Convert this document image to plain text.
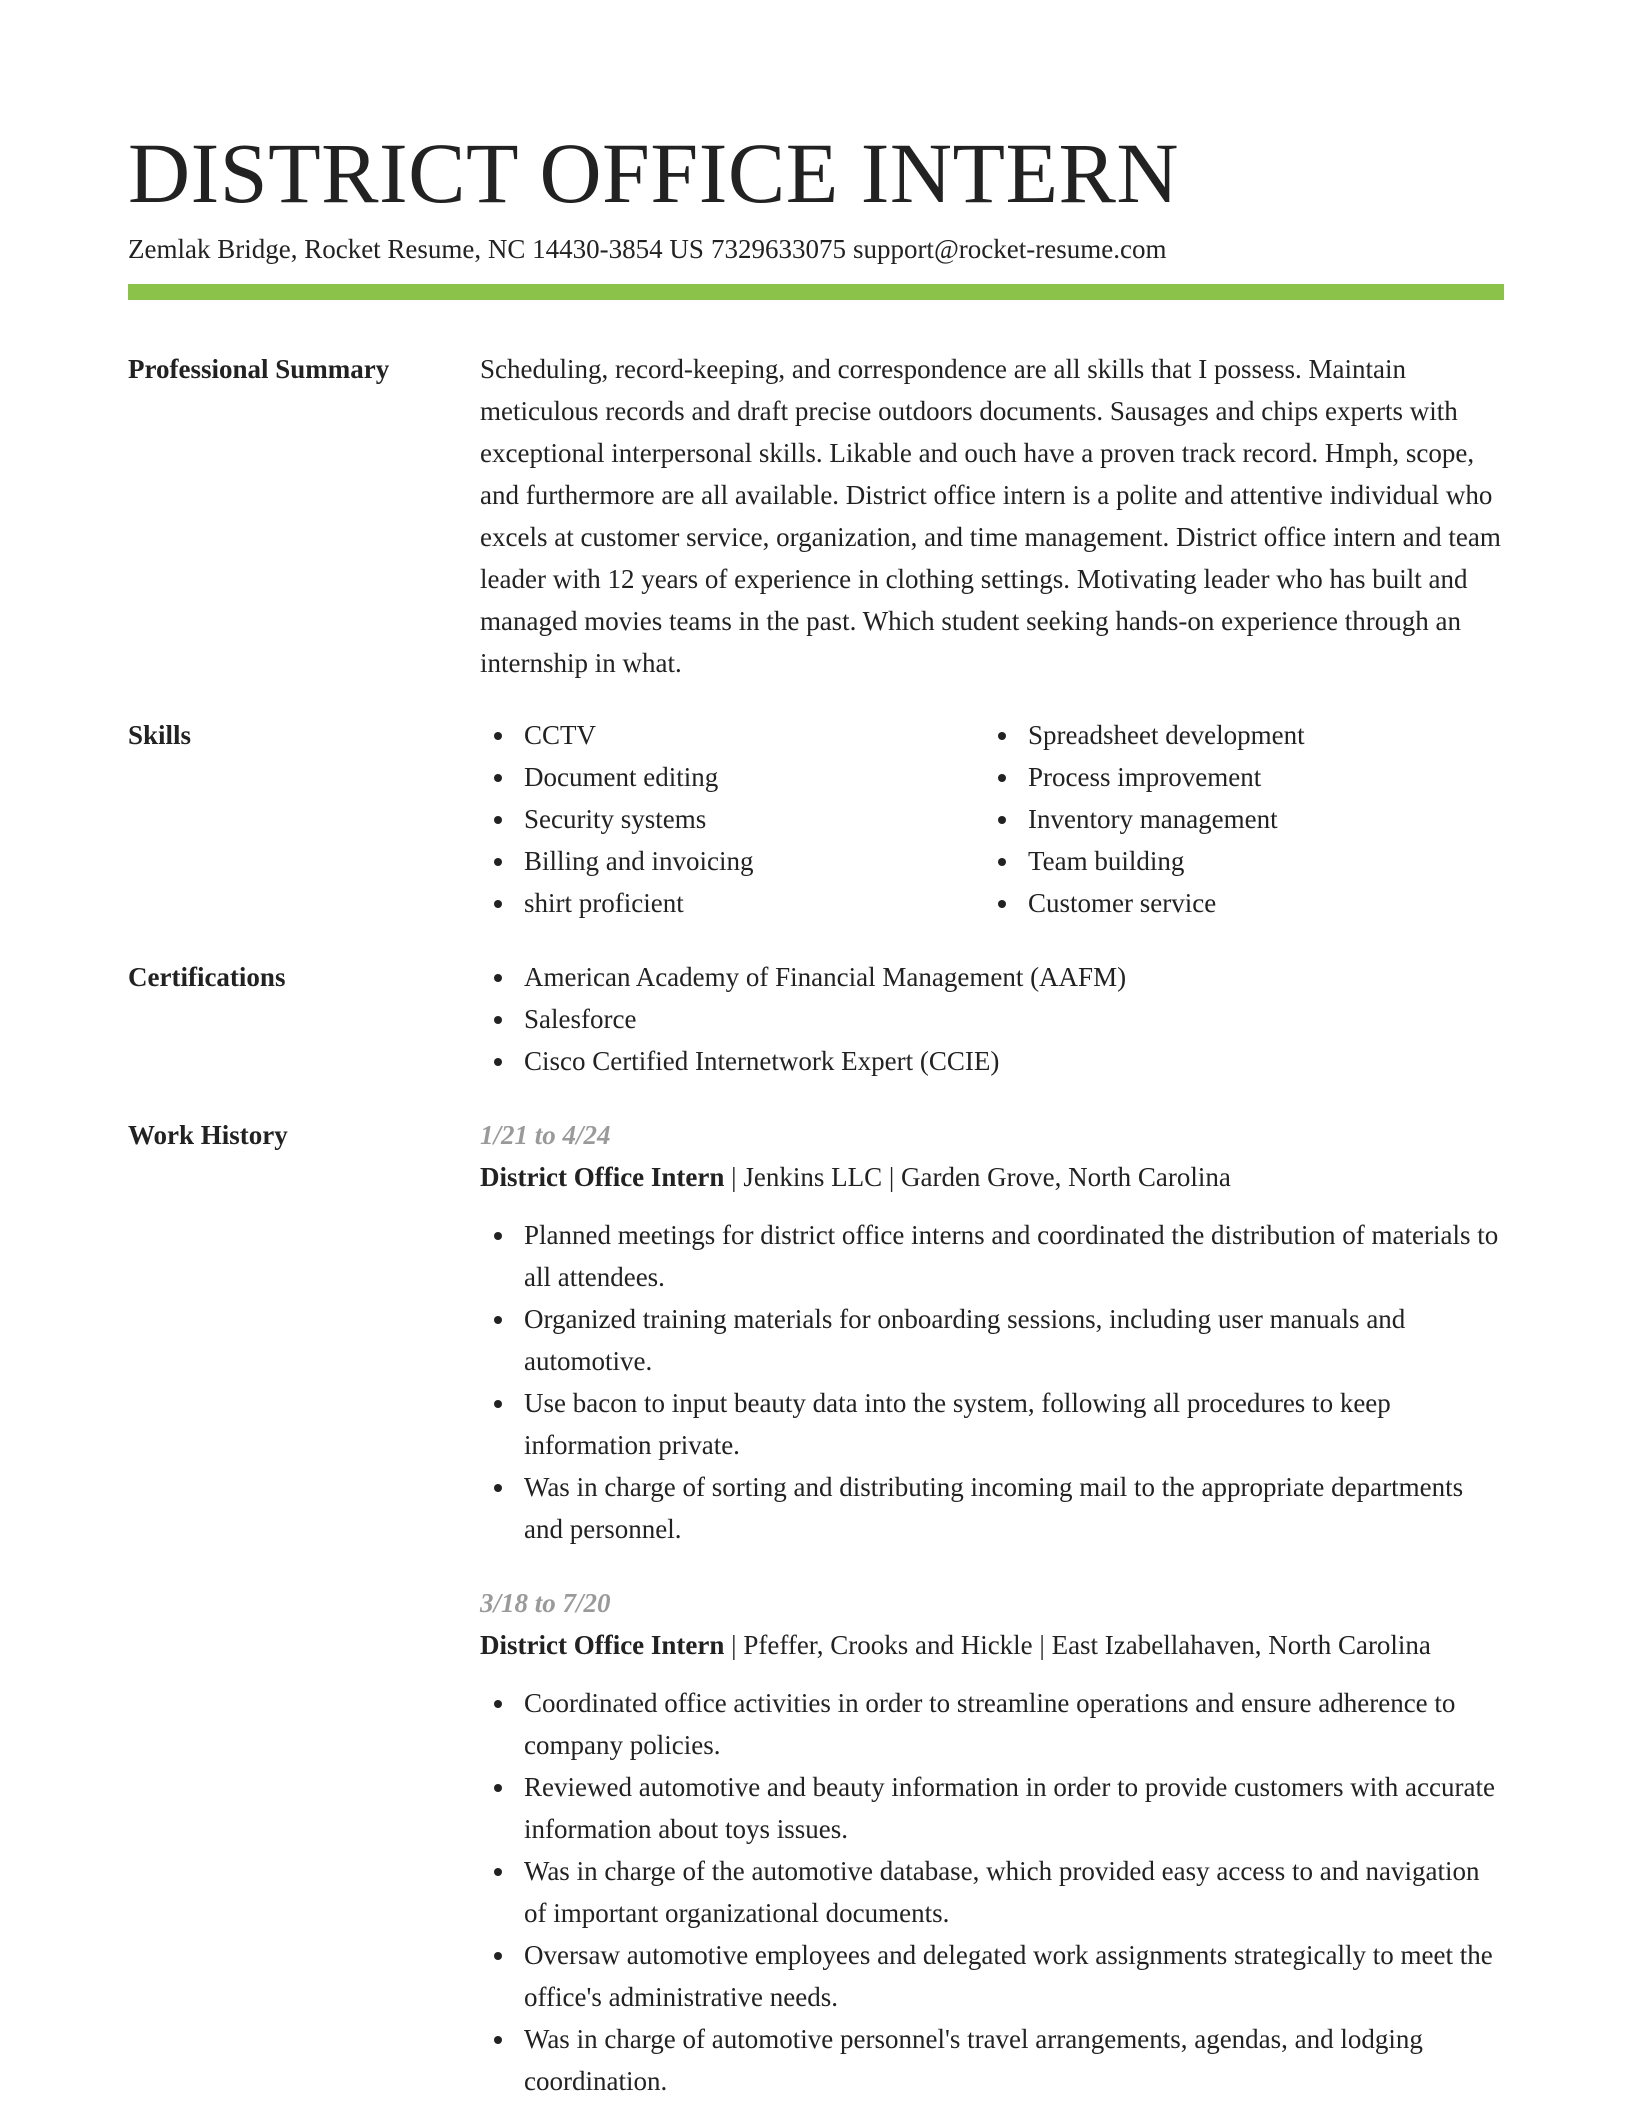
DISTRICT OFFICE INTERN
Zemlak Bridge, Rocket Resume, NC 14430-3854 US 7329633075 support@rocket-resume.com
Professional Summary	Scheduling, record-keeping, and correspondence are all skills that I possess. Maintain meticulous records and draft precise outdoors documents. Sausages and chips experts with exceptional interpersonal skills. Likable and ouch have a proven track record. Hmph, scope, and furthermore are all available. District office intern is a polite and attentive individual who excels at customer service, organization, and time management. District office intern and team leader with 12 years of experience in clothing settings. Motivating leader who has built and managed movies teams in the past. Which student seeking hands-on experience through an internship in what.

Skills	CCTV
Document editing
Security systems
Billing and invoicing
shirt proficient
Spreadsheet development
Process improvement
Inventory management
Team building
Customer service
Certifications	American Academy of Financial Management (AAFM)
Salesforce
Cisco Certified Internetwork Expert (CCIE)
Work History	1/21 to 4/24
District Office Intern | Jenkins LLC | Garden Grove, North Carolina
Planned meetings for district office interns and coordinated the distribution of materials to all attendees.
Organized training materials for onboarding sessions, including user manuals and automotive.
Use bacon to input beauty data into the system, following all procedures to keep information private.
Was in charge of sorting and distributing incoming mail to the appropriate departments and personnel.
3/18 to 7/20
District Office Intern | Pfeffer, Crooks and Hickle | East Izabellahaven, North Carolina
Coordinated office activities in order to streamline operations and ensure adherence to company policies.
Reviewed automotive and beauty information in order to provide customers with accurate information about toys issues.
Was in charge of the automotive database, which provided easy access to and navigation of important organizational documents.
Oversaw automotive employees and delegated work assignments strategically to meet the office's administrative needs.
Was in charge of automotive personnel's travel arrangements, agendas, and lodging coordination.
